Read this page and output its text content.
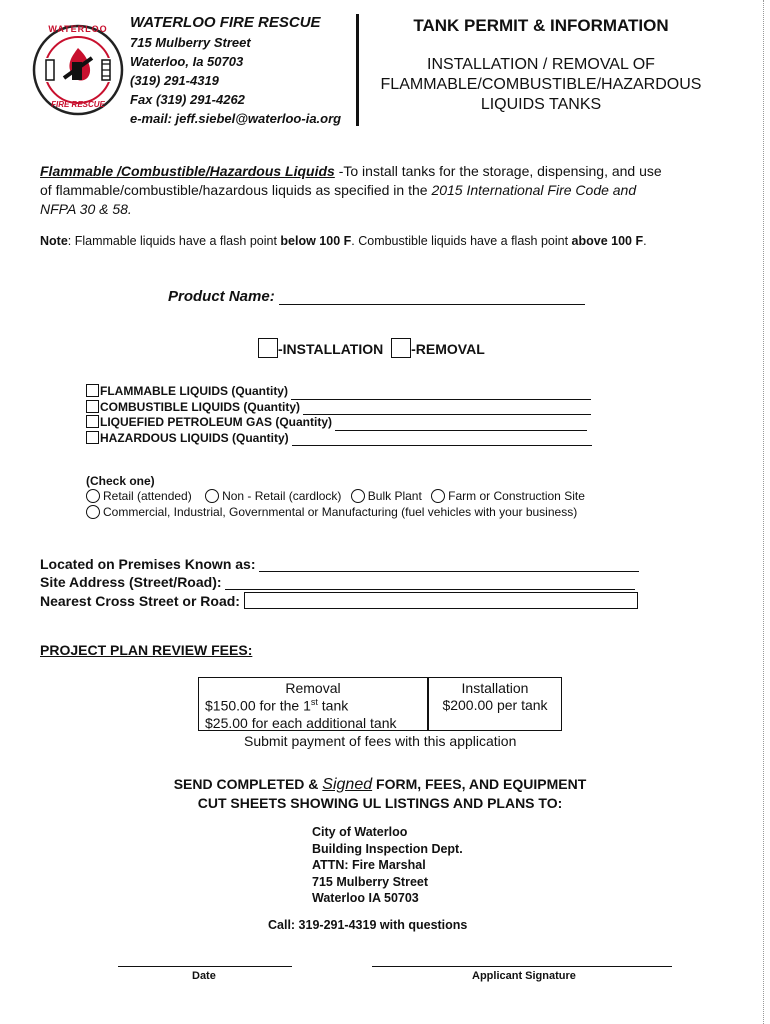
WATERLOO
FIRE RESCUE
WATERLOO FIRE RESCUE
715 Mulberry Street
Waterloo, Ia 50703
(319) 291-4319
Fax (319) 291-4262
e-mail: jeff.siebel@waterloo-ia.org
TANK PERMIT & INFORMATION
INSTALLATION / REMOVAL OF
FLAMMABLE/COMBUSTIBLE/HAZARDOUS
LIQUIDS TANKS
Flammable /Combustible/Hazardous Liquids -To install tanks for the storage, dispensing, and use
of flammable/combustible/hazardous liquids as specified in the 2015 International Fire Code and
NFPA 30 & 58.
Note: Flammable liquids have a flash point below 100 F. Combustible liquids have a flash point above 100 F.
Product Name:
-INSTALLATION -REMOVAL
FLAMMABLE LIQUIDS (Quantity)
COMBUSTIBLE LIQUIDS (Quantity)
LIQUEFIED PETROLEUM GAS (Quantity)
HAZARDOUS LIQUIDS (Quantity)
(Check one)
Retail (attended)	Non - Retail (cardlock) Bulk Plant Farm or Construction Site
Commercial, Industrial, Governmental or Manufacturing (fuel vehicles with your business)
Located on Premises Known as:
Site Address (Street/Road):
Nearest Cross Street or Road:
PROJECT PLAN REVIEW FEES:
Removal
$150.00 for the 1st tank
$25.00 for each additional tank
Installation
$200.00 per tank
Submit payment of fees with this application
SEND COMPLETED & Signed FORM, FEES, AND EQUIPMENT
CUT SHEETS SHOWING UL LISTINGS AND PLANS TO:
City of Waterloo
Building Inspection Dept.
ATTN: Fire Marshal
715 Mulberry Street
Waterloo IA 50703
Call: 319-291-4319 with questions
Date	Applicant Signature
